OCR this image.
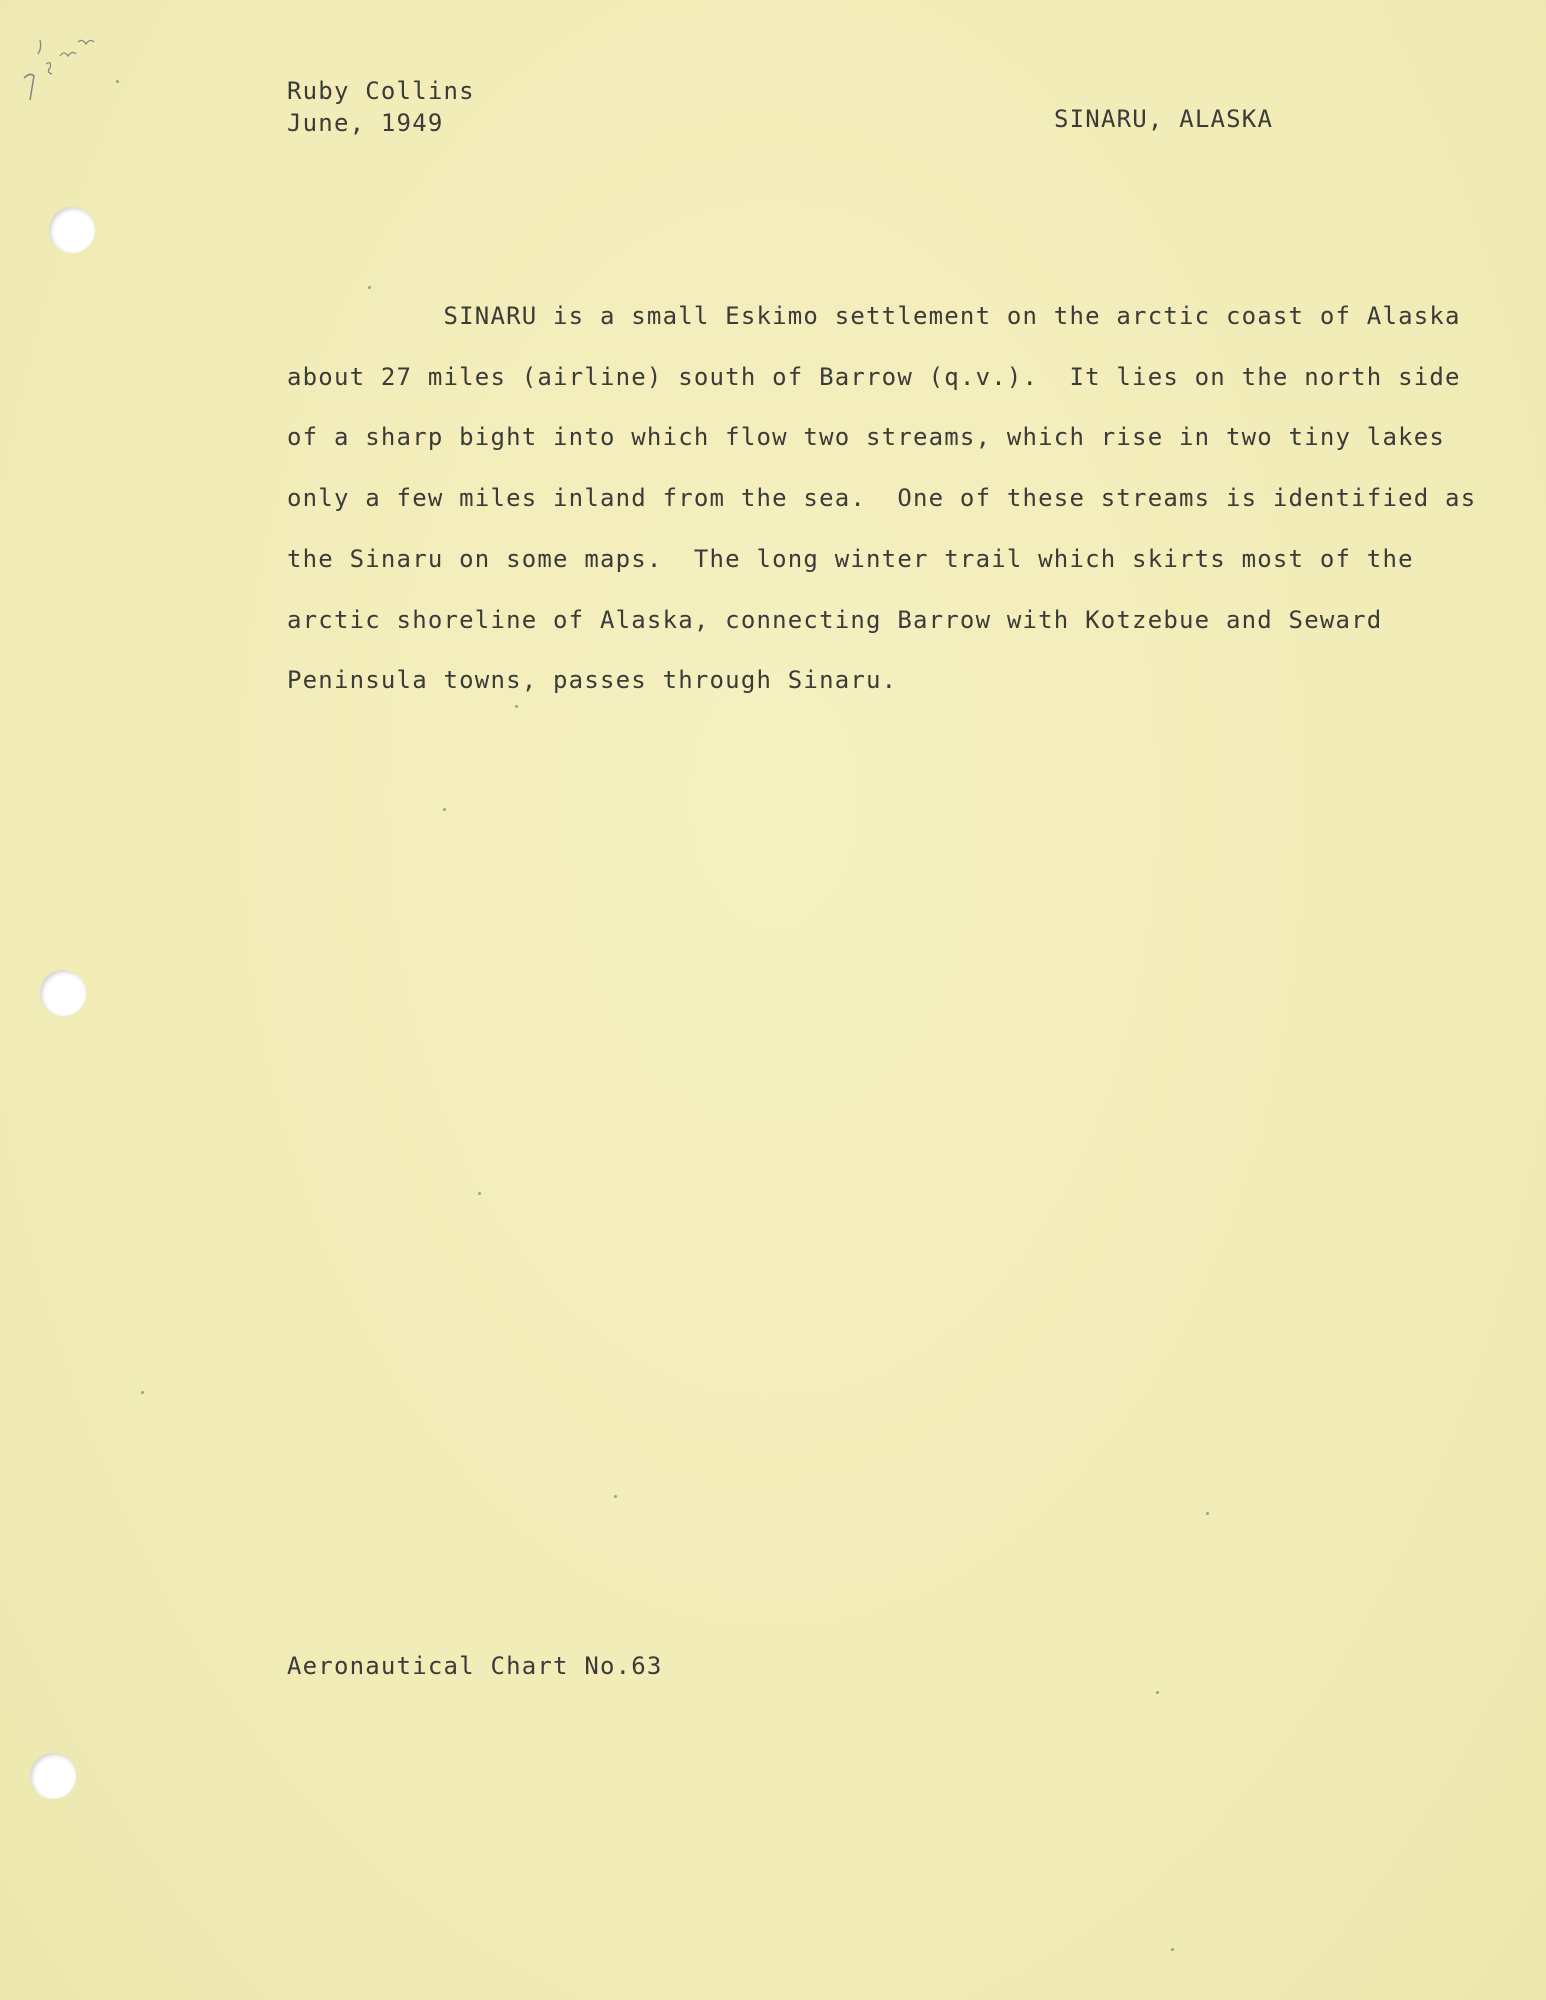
Ruby Collins
June, 1949	SINARU, ALASKA
SINARU is a small Eskimo settlement on the arctic coast of Alaska
about 27 miles (airline) south of Barrow (q.v.).  It lies on the north side
of a sharp bight into which flow two streams, which rise in two tiny lakes
only a few miles inland from the sea.  One of these streams is identified as
the Sinaru on some maps.  The long winter trail which skirts most of the
arctic shoreline of Alaska, connecting Barrow with Kotzebue and Seward
Peninsula towns, passes through Sinaru.
Aeronautical Chart No.63
